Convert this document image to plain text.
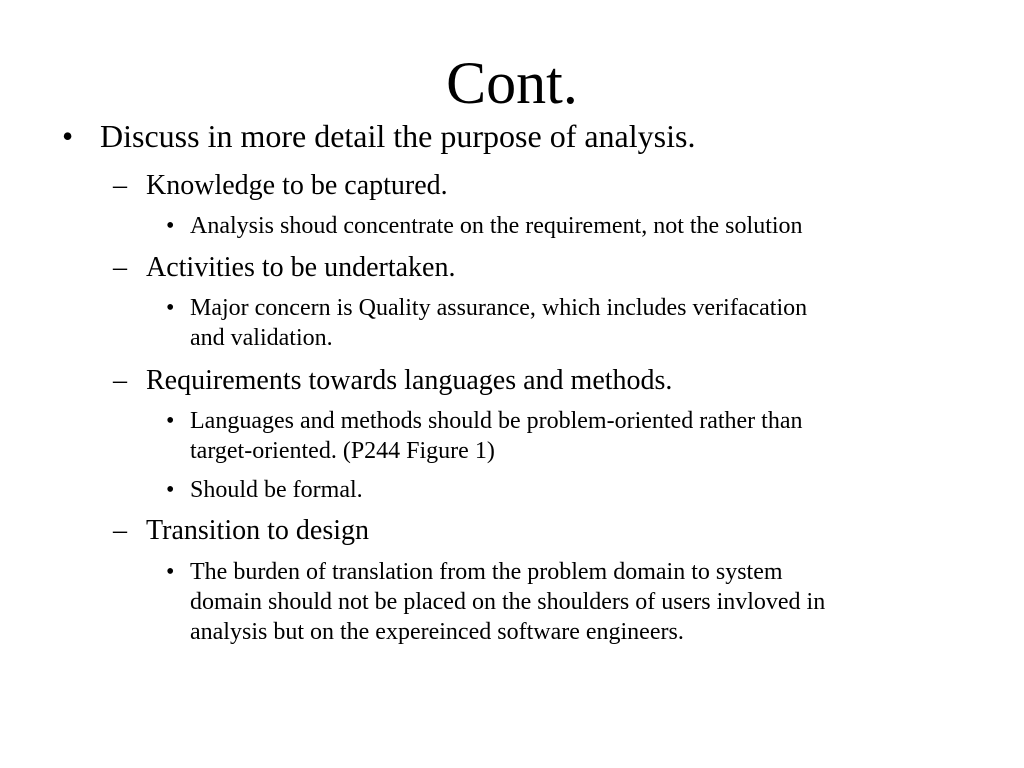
Cont.
• Discuss in more detail the purpose of analysis.
– Knowledge to be captured.
• Analysis shoud concentrate on the requirement, not the solution
– Activities to be undertaken.
• Major concern is Quality assurance, which includes verifacation
and validation.
– Requirements towards languages and methods.
• Languages and methods should be problem-oriented rather than
target-oriented. (P244 Figure 1)
• Should be formal.
– Transition to design
• The burden of translation from the problem domain to system
domain should not be placed on the shoulders of users invloved in
analysis but on the expereinced software engineers.
